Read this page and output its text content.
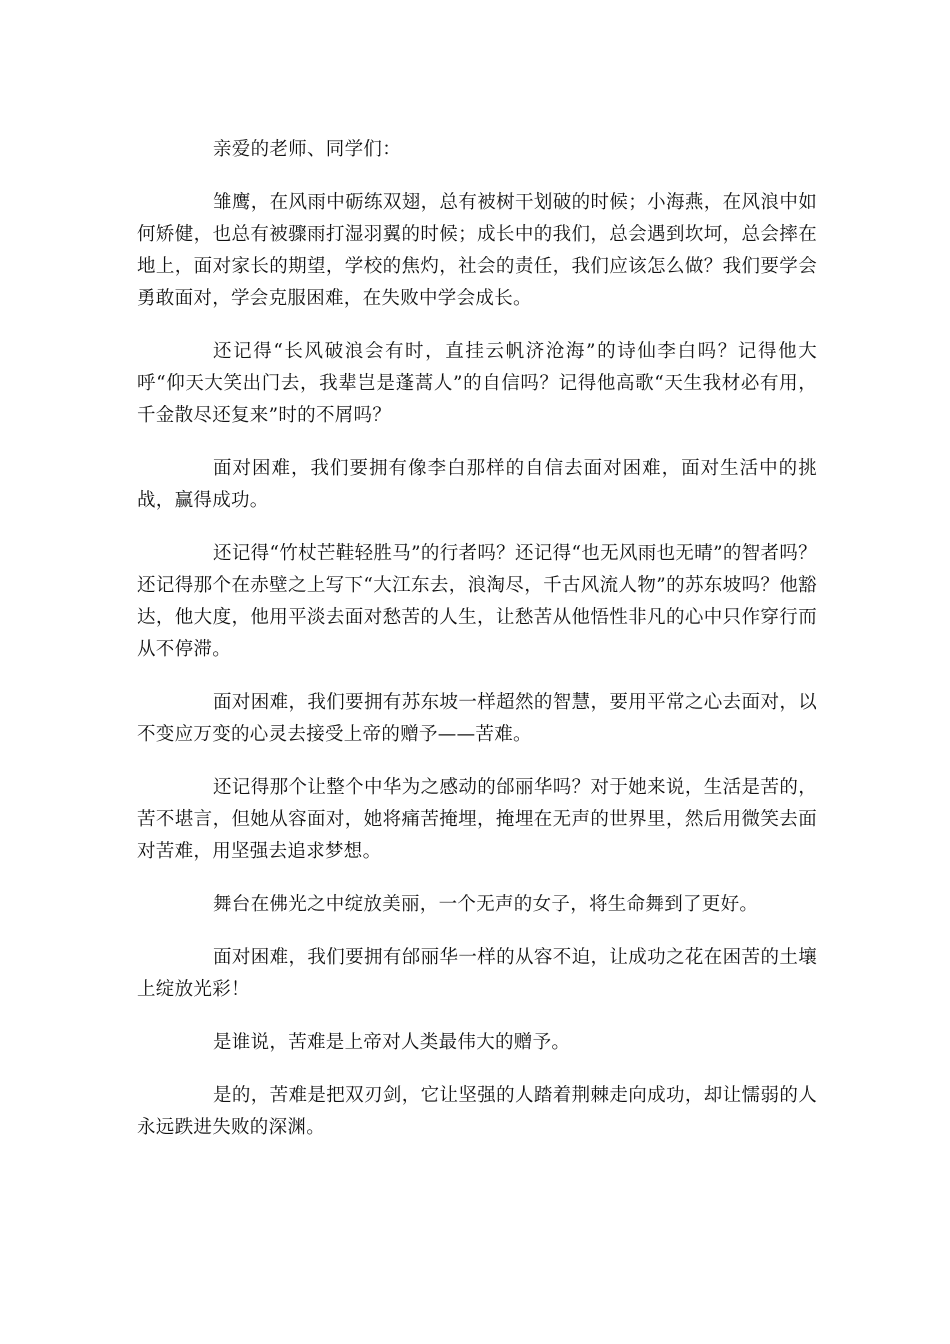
亲爱的老师、同学们：

雏鹰，在风雨中砺练双翅，总有被树干划破的时候；小海燕，在风浪中如何矫健，也总有被骤雨打湿羽翼的时候；成长中的我们，总会遇到坎坷，总会摔在地上，面对家长的期望，学校的焦灼，社会的责任，我们应该怎么做？我们要学会勇敢面对，学会克服困难，在失败中学会成长。

还记得“长风破浪会有时，直挂云帆济沧海”的诗仙李白吗？记得他大呼“仰天大笑出门去，我辈岂是蓬蒿人”的自信吗？记得他高歌“天生我材必有用，千金散尽还复来”时的不屑吗？

面对困难，我们要拥有像李白那样的自信去面对困难，面对生活中的挑战，赢得成功。

还记得“竹杖芒鞋轻胜马”的行者吗？还记得“也无风雨也无晴”的智者吗？还记得那个在赤壁之上写下“大江东去，浪淘尽，千古风流人物”的苏东坡吗？他豁达，他大度，他用平淡去面对愁苦的人生，让愁苦从他悟性非凡的心中只作穿行而从不停滞。

面对困难，我们要拥有苏东坡一样超然的智慧，要用平常之心去面对，以不变应万变的心灵去接受上帝的赠予——苦难。

还记得那个让整个中华为之感动的邰丽华吗？对于她来说，生活是苦的，苦不堪言，但她从容面对，她将痛苦掩埋，掩埋在无声的世界里，然后用微笑去面对苦难，用坚强去追求梦想。

舞台在佛光之中绽放美丽，一个无声的女子，将生命舞到了更好。

面对困难，我们要拥有邰丽华一样的从容不迫，让成功之花在困苦的土壤上绽放光彩！

是谁说，苦难是上帝对人类最伟大的赠予。

是的，苦难是把双刃剑，它让坚强的人踏着荆棘走向成功，却让懦弱的人永远跌进失败的深渊。
